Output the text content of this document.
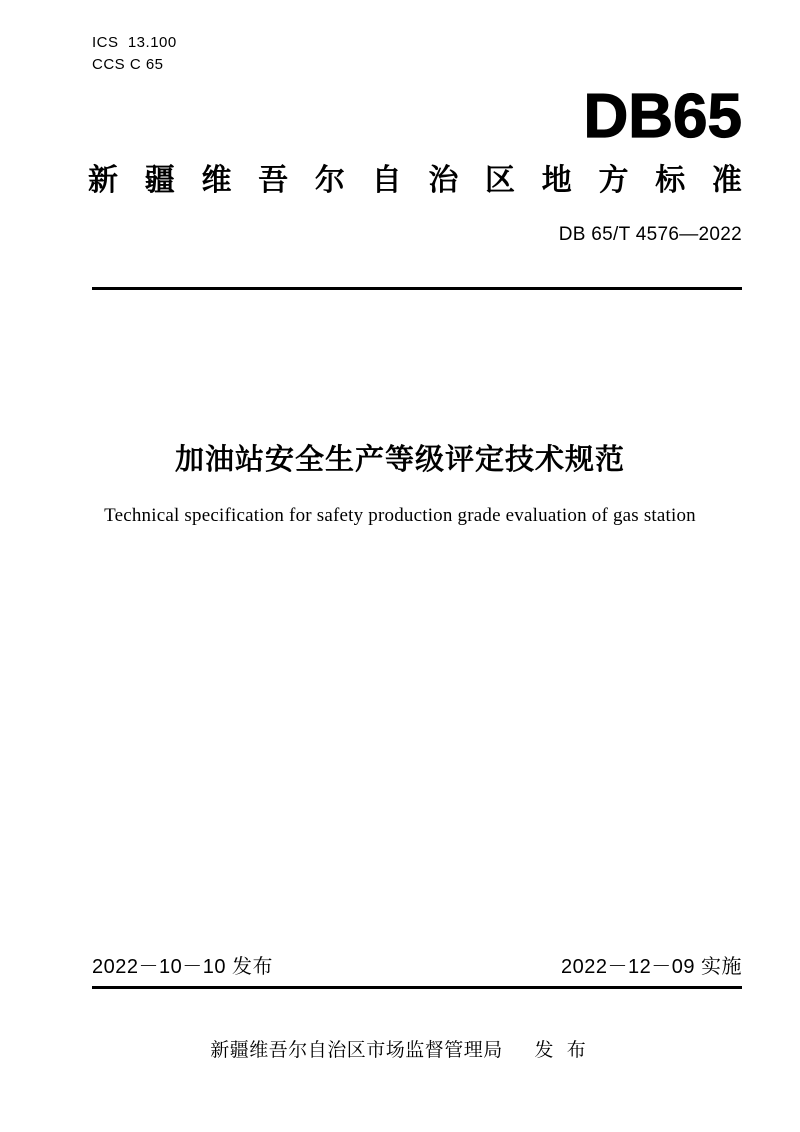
ICS  13.100
CCS C 65
DB65
新 疆 维 吾 尔 自 治 区 地 方 标 准
DB 65/T 4576—2022
加油站安全生产等级评定技术规范
Technical specification for safety production grade evaluation of gas station
2022－10－10 发布	2022－12－09 实施
新疆维吾尔自治区市场监督管理局 发 布
